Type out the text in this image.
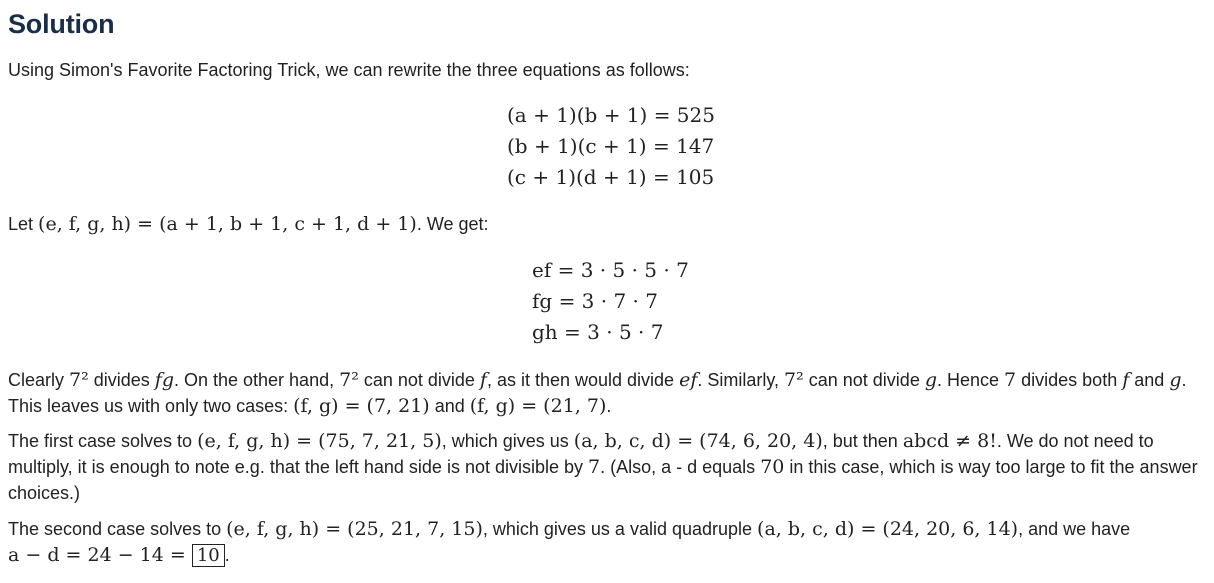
Solution

Using Simon's Favorite Factoring Trick, we can rewrite the three equations as follows:

(a + 1)(b + 1) = 525
(b + 1)(c + 1) = 147
(c + 1)(d + 1) = 105

Let (e, f, g, h) = (a + 1, b + 1, c + 1, d + 1). We get:

ef = 3 · 5 · 5 · 7
fg = 3 · 7 · 7
gh = 3 · 5 · 7

Clearly 7² divides fg. On the other hand, 7² can not divide f, as it then would divide ef. Similarly, 7² can not divide g. Hence 7 divides both f and g. This leaves us with only two cases: (f, g) = (7, 21) and (f, g) = (21, 7).

The first case solves to (e, f, g, h) = (75, 7, 21, 5), which gives us (a, b, c, d) = (74, 6, 20, 4), but then abcd ≠ 8!. We do not need to multiply, it is enough to note e.g. that the left hand side is not divisible by 7. (Also, a - d equals 70 in this case, which is way too large to fit the answer choices.)

The second case solves to (e, f, g, h) = (25, 21, 7, 15), which gives us a valid quadruple (a, b, c, d) = (24, 20, 6, 14), and we have
a − d = 24 − 14 = 10 .
